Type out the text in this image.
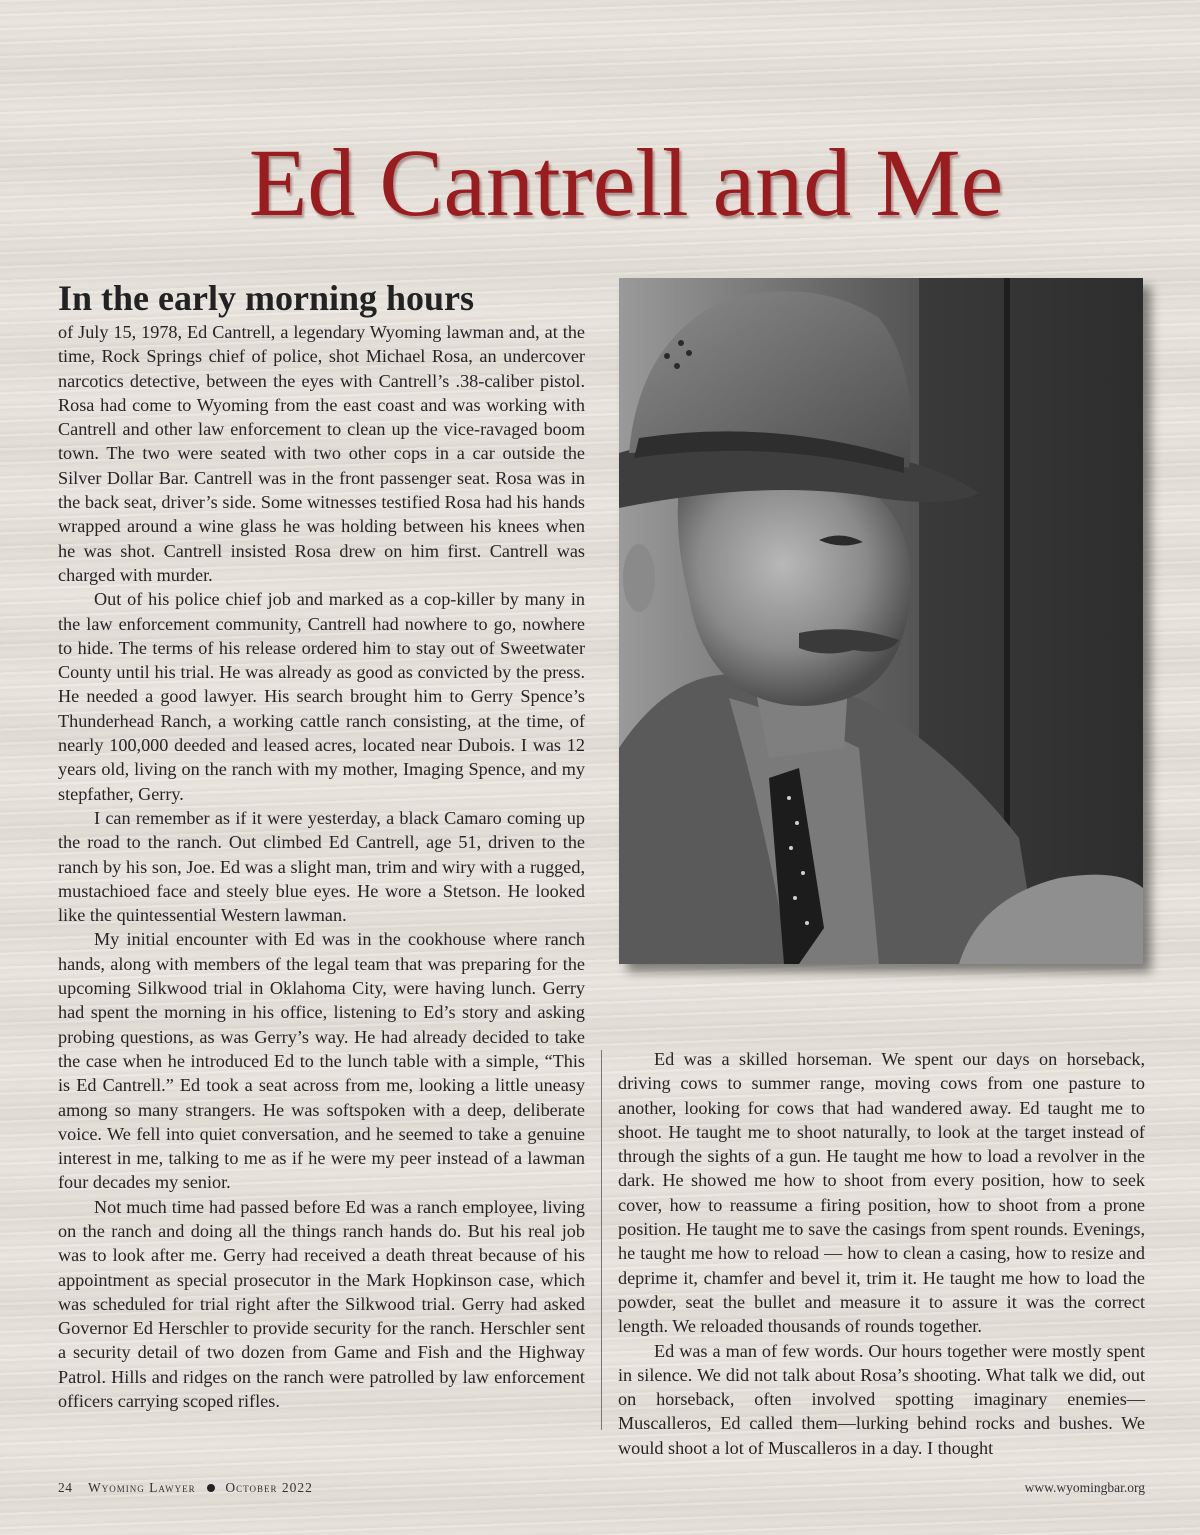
Ed Cantrell and Me
In the early morning hours

of July 15, 1978, Ed Cantrell, a legendary Wyoming lawman and, at the time, Rock Springs chief of police, shot Michael Rosa, an undercover narcotics detective, between the eyes with Cantrell’s .38-caliber pistol. Rosa had come to Wyoming from the east coast and was working with Cantrell and other law enforcement to clean up the vice-ravaged boom town. The two were seated with two other cops in a car outside the Silver Dollar Bar. Cantrell was in the front passenger seat. Rosa was in the back seat, driver’s side. Some witnesses testified Rosa had his hands wrapped around a wine glass he was holding between his knees when he was shot. Cantrell insisted Rosa drew on him first. Cantrell was charged with murder.

Out of his police chief job and marked as a cop-killer by many in the law enforcement community, Cantrell had nowhere to go, nowhere to hide. The terms of his release ordered him to stay out of Sweetwater County until his trial. He was already as good as convicted by the press. He needed a good lawyer. His search brought him to Gerry Spence’s Thunderhead Ranch, a working cattle ranch consisting, at the time, of nearly 100,000 deeded and leased acres, located near Dubois. I was 12 years old, living on the ranch with my mother, Imaging Spence, and my stepfather, Gerry.

I can remember as if it were yesterday, a black Camaro coming up the road to the ranch. Out climbed Ed Cantrell, age 51, driven to the ranch by his son, Joe. Ed was a slight man, trim and wiry with a rugged, mustachioed face and steely blue eyes. He wore a Stetson. He looked like the quintessential Western lawman.

My initial encounter with Ed was in the cookhouse where ranch hands, along with members of the legal team that was preparing for the upcoming Silkwood trial in Oklahoma City, were having lunch. Gerry had spent the morning in his office, listening to Ed’s story and asking probing questions, as was Gerry’s way. He had already decided to take the case when he introduced Ed to the lunch table with a simple, “This is Ed Cantrell.” Ed took a seat across from me, looking a little uneasy among so many strangers. He was softspoken with a deep, deliberate voice. We fell into quiet conversation, and he seemed to take a genuine interest in me, talking to me as if he were my peer instead of a lawman four decades my senior.

Not much time had passed before Ed was a ranch employee, living on the ranch and doing all the things ranch hands do. But his real job was to look after me. Gerry had received a death threat because of his appointment as special prosecutor in the Mark Hopkinson case, which was scheduled for trial right after the Silkwood trial. Gerry had asked Governor Ed Herschler to provide security for the ranch. Herschler sent a security detail of two dozen from Game and Fish and the Highway Patrol. Hills and ridges on the ranch were patrolled by law enforcement officers carrying scoped rifles.

Ed was a skilled horseman. We spent our days on horseback, driving cows to summer range, moving cows from one pasture to another, looking for cows that had wandered away. Ed taught me to shoot. He taught me to shoot naturally, to look at the target instead of through the sights of a gun. He taught me how to load a revolver in the dark. He showed me how to shoot from every position, how to seek cover, how to reassume a firing position, how to shoot from a prone position. He taught me to save the casings from spent rounds. Evenings, he taught me how to reload — how to clean a casing, how to resize and deprime it, chamfer and bevel it, trim it. He taught me how to load the powder, seat the bullet and measure it to assure it was the correct length. We reloaded thousands of rounds together.

Ed was a man of few words. Our hours together were mostly spent in silence. We did not talk about Rosa’s shooting. What talk we did, out on horseback, often involved spotting imaginary enemies—Muscalleros, Ed called them—lurking behind rocks and bushes. We would shoot a lot of Muscalleros in a day. I thought

24 Wyoming Lawyer October 2022	www.wyomingbar.org
